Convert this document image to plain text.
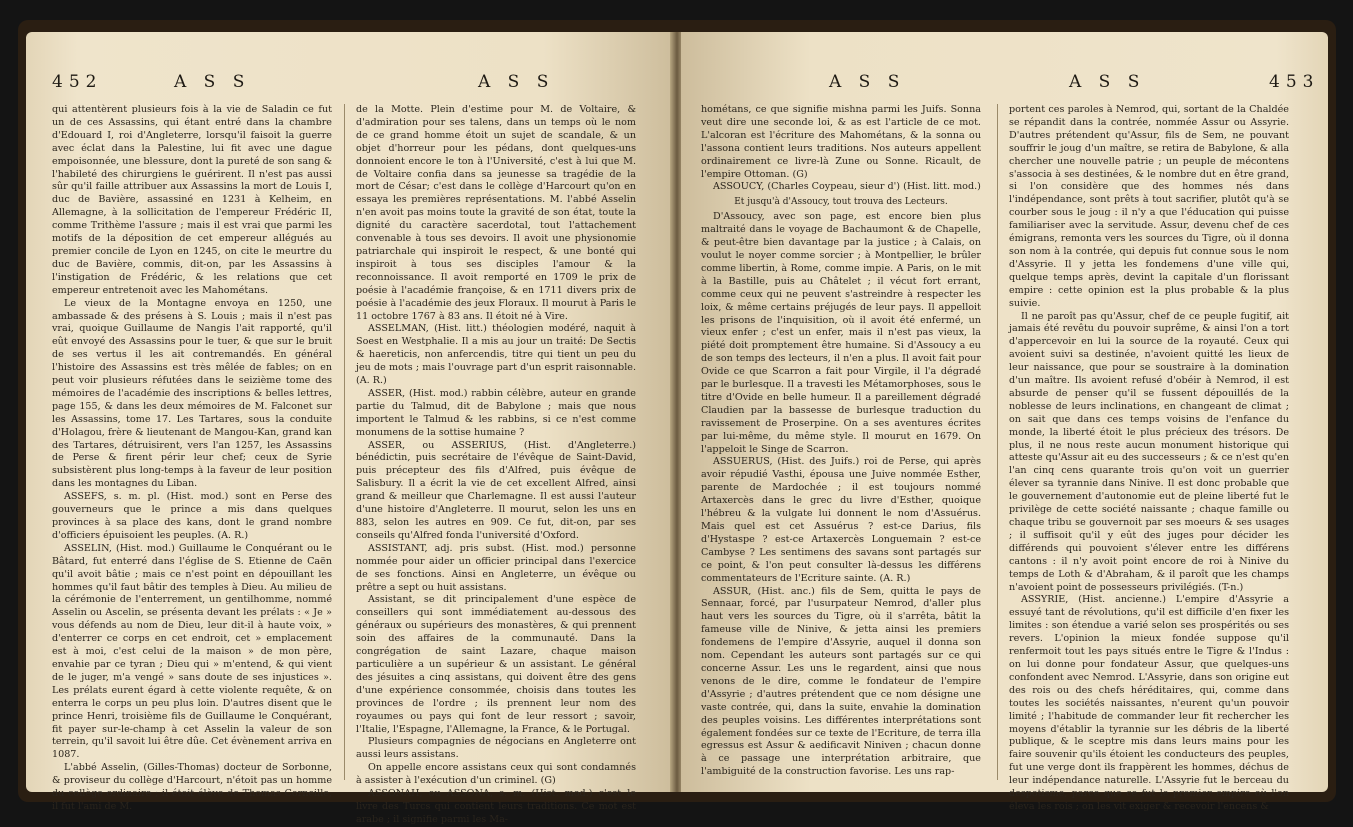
452	A S S	A S S

qui attentèrent plusieurs fois à la vie de Saladin ce fut un de ces Assassins, qui étant entré dans la chambre d'Edouard I, roi d'Angleterre, lorsqu'il faisoit la guerre avec éclat dans la Palestine, lui fit avec une dague empoisonnée, une blessure, dont la pureté de son sang & l'habileté des chirurgiens le guérirent. Il n'est pas aussi sûr qu'il faille attribuer aux Assassins la mort de Louis I, duc de Bavière, assassiné en 1231 à Kelheim, en Allemagne, à la sollicitation de l'empereur Frédéric II, comme Trithème l'assure ; mais il est vrai que parmi les motifs de la déposition de cet empereur allégués au premier concile de Lyon en 1245, on cite le meurtre du duc de Bavière, commis, dit-on, par les Assassins à l'instigation de Frédéric, & les relations que cet empereur entretenoit avec les Mahométans.

Le vieux de la Montagne envoya en 1250, une ambassade & des présens à S. Louis ; mais il n'est pas vrai, quoique Guillaume de Nangis l'ait rapporté, qu'il eût envoyé des Assassins pour le tuer, & que sur le bruit de ses vertus il les ait contremandés. En général l'histoire des Assassins est très mêlée de fables; on en peut voir plusieurs réfutées dans le seizième tome des mémoires de l'académie des inscriptions & belles lettres, page 155, & dans les deux mémoires de M. Falconet sur les Assassins, tome 17. Les Tartares, sous la conduite d'Holagou, frère & lieutenant de Mangou-Kan, grand kan des Tartares, détruisirent, vers l'an 1257, les Assassins de Perse & firent périr leur chef; ceux de Syrie subsistèrent plus long-temps à la faveur de leur position dans les montagnes du Liban.

ASSEFS, s. m. pl. (Hist. mod.) sont en Perse des gouverneurs que le prince a mis dans quelques provinces à sa place des kans, dont le grand nombre d'officiers épuisoient les peuples. (A. R.)

ASSELIN, (Hist. mod.) Guillaume le Conquérant ou le Bâtard, fut enterré dans l'église de S. Etienne de Caën qu'il avoit bâtie ; mais ce n'est point en dépouillant les hommes qu'il faut bâtir des temples à Dieu. Au milieu de la cérémonie de l'enterrement, un gentilhomme, nommé Asselin ou Ascelin, se présenta devant les prélats : « Je » vous défends au nom de Dieu, leur dit-il à haute voix, » d'enterrer ce corps en cet endroit, cet » emplacement est à moi, c'est celui de la maison » de mon père, envahie par ce tyran ; Dieu qui » m'entend, & qui vient de le juger, m'a vengé » sans doute de ses injustices ». Les prélats eurent égard à cette violente requête, & on enterra le corps un peu plus loin. D'autres disent que le prince Henri, troisième fils de Guillaume le Conquérant, fit payer sur-le-champ à cet Asselin la valeur de son terrein, qu'il savoit lui être dûe. Cet évènement arriva en 1087.

L'abbé Asselin, (Gilles-Thomas) docteur de Sorbonne, & proviseur du collège d'Harcourt, n'étoit pas un homme du collège ordinaire ; il étoit élève de Thomas Corneille, il fut l'ami de M.

de la Motte. Plein d'estime pour M. de Voltaire, & d'admiration pour ses talens, dans un temps où le nom de ce grand homme étoit un sujet de scandale, & un objet d'horreur pour les pédans, dont quelques-uns donnoient encore le ton à l'Université, c'est à lui que M. de Voltaire confia dans sa jeunesse sa tragédie de la mort de César; c'est dans le collège d'Harcourt qu'on en essaya les premières représentations. M. l'abbé Asselin n'en avoit pas moins toute la gravité de son état, toute la dignité du caractère sacerdotal, tout l'attachement convenable à tous ses devoirs. Il avoit une physionomie patriarchale qui inspiroit le respect, & une bonté qui inspiroit à tous ses disciples l'amour & la reconnoissance. Il avoit remporté en 1709 le prix de poésie à l'académie françoise, & en 1711 divers prix de poésie à l'académie des jeux Floraux. Il mourut à Paris le 11 octobre 1767 à 83 ans. Il étoit né à Vire.

ASSELMAN, (Hist. litt.) théologien modéré, naquit à Soest en Westphalie. Il a mis au jour un traité: De Sectis & haereticis, non anfercendis, titre qui tient un peu du jeu de mots ; mais l'ouvrage part d'un esprit raisonnable. (A. R.)

ASSER, (Hist. mod.) rabbin célèbre, auteur en grande partie du Talmud, dit de Babylone ; mais que nous importent le Talmud & les rabbins, si ce n'est comme monumens de la sottise humaine ?

ASSER, ou ASSERIUS, (Hist. d'Angleterre.) bénédictin, puis secrétaire de l'évêque de Saint-David, puis précepteur des fils d'Alfred, puis évêque de Salisbury. Il a écrit la vie de cet excellent Alfred, ainsi grand & meilleur que Charlemagne. Il est aussi l'auteur d'une histoire d'Angleterre. Il mourut, selon les uns en 883, selon les autres en 909. Ce fut, dit-on, par ses conseils qu'Alfred fonda l'université d'Oxford.

ASSISTANT, adj. pris subst. (Hist. mod.) personne nommée pour aider un officier principal dans l'exercice de ses fonctions. Ainsi en Angleterre, un évêque ou prêtre a sept ou huit assistans.

Assistant, se dit principalement d'une espèce de conseillers qui sont immédiatement au-dessous des généraux ou supérieurs des monastères, & qui prennent soin des affaires de la communauté. Dans la congrégation de saint Lazare, chaque maison particulière a un supérieur & un assistant. Le général des jésuites a cinq assistans, qui doivent être des gens d'une expérience consommée, choisis dans toutes les provinces de l'ordre ; ils prennent leur nom des royaumes ou pays qui font de leur ressort ; savoir, l'Italie, l'Espagne, l'Allemagne, la France, & le Portugal.

Plusieurs compagnies de négocians en Angleterre ont aussi leurs assistans.

On appelle encore assistans ceux qui sont condamnés à assister à l'exécution d'un criminel. (G)

ASSONAH, ou ASSONA, s. m. (Hist. mod.) c'est le livre des Turcs qui contient leurs traditions. Ce mot est arabe ; il signifie parmi les Ma-

A S S	A S S	453

hométans, ce que signifie mishna parmi les Juifs. Sonna veut dire une seconde loi, & as est l'article de ce mot. L'alcoran est l'écriture des Mahométans, & la sonna ou l'assona contient leurs traditions. Nos auteurs appellent ordinairement ce livre-là Zune ou Sonne. Ricault, de l'empire Ottoman. (G)

ASSOUCY, (Charles Coypeau, sieur d') (Hist. litt. mod.)

Et jusqu'à d'Assoucy, tout trouva des Lecteurs.

D'Assoucy, avec son page, est encore bien plus maltraité dans le voyage de Bachaumont & de Chapelle, & peut-être bien davantage par la justice ; à Calais, on voulut le noyer comme sorcier ; à Montpellier, le brûler comme libertin, à Rome, comme impie. A Paris, on le mit à la Bastille, puis au Châtelet ; il vécut fort errant, comme ceux qui ne peuvent s'astreindre à respecter les loix, & même certains préjugés de leur pays. Il appelloit les prisons de l'inquisition, où il avoit été enfermé, un vieux enfer ; c'est un enfer, mais il n'est pas vieux, la piété doit promptement être humaine. Si d'Assoucy a eu de son temps des lecteurs, il n'en a plus. Il avoit fait pour Ovide ce que Scarron a fait pour Virgile, il l'a dégradé par le burlesque. Il a travesti les Métamorphoses, sous le titre d'Ovide en belle humeur. Il a pareillement dégradé Claudien par la bassesse de burlesque traduction du ravissement de Proserpine. On a ses aventures écrites par lui-même, du même style. Il mourut en 1679. On l'appeloit le Singe de Scarron.

ASSUERUS, (Hist. des Juifs.) roi de Perse, qui après avoir répudié Vasthi, épousa une Juive nommée Esther, parente de Mardochée ; il est toujours nommé Artaxercès dans le grec du livre d'Esther, quoique l'hébreu & la vulgate lui donnent le nom d'Assuérus. Mais quel est cet Assuérus ? est-ce Darius, fils d'Hystaspe ? est-ce Artaxercès Longuemain ? est-ce Cambyse ? Les sentimens des savans sont partagés sur ce point, & l'on peut consulter là-dessus les différens commentateurs de l'Ecriture sainte. (A. R.)

ASSUR, (Hist. anc.) fils de Sem, quitta le pays de Sennaar, forcé, par l'usurpateur Nemrod, d'aller plus haut vers les sources du Tigre, où il s'arrêta, bâtit la fameuse ville de Ninive, & jetta ainsi les premiers fondemens de l'empire d'Assyrie, auquel il donna son nom. Cependant les auteurs sont partagés sur ce qui concerne Assur. Les uns le regardent, ainsi que nous venons de le dire, comme le fondateur de l'empire d'Assyrie ; d'autres prétendent que ce nom désigne une vaste contrée, qui, dans la suite, envahie la domination des peuples voisins. Les différentes interprétations sont également fondées sur ce texte de l'Ecriture, de terra illa egressus est Assur & aedificavit Niniven ; chacun donne à ce passage une interprétation arbitraire, que l'ambiguité de la construction favorise. Les uns rap-

portent ces paroles à Nemrod, qui, sortant de la Chaldée se répandit dans la contrée, nommée Assur ou Assyrie. D'autres prétendent qu'Assur, fils de Sem, ne pouvant souffrir le joug d'un maître, se retira de Babylone, & alla chercher une nouvelle patrie ; un peuple de mécontens s'associa à ses destinées, & le nombre dut en être grand, si l'on considère que des hommes nés dans l'indépendance, sont prêts à tout sacrifier, plutôt qu'à se courber sous le joug : il n'y a que l'éducation qui puisse familiariser avec la servitude. Assur, devenu chef de ces émigrans, remonta vers les sources du Tigre, où il donna son nom à la contrée, qui depuis fut connue sous le nom d'Assyrie. Il y jetta les fondemens d'une ville qui, quelque temps après, devint la capitale d'un florissant empire : cette opinion est la plus probable & la plus suivie.

Il ne paroît pas qu'Assur, chef de ce peuple fugitif, ait jamais été revêtu du pouvoir suprême, & ainsi l'on a tort d'appercevoir en lui la source de la royauté. Ceux qui avoient suivi sa destinée, n'avoient quitté les lieux de leur naissance, que pour se soustraire à la domination d'un maître. Ils avoient refusé d'obéir à Nemrod, il est absurde de penser qu'il se fussent dépouillés de la noblesse de leurs inclinations, en changeant de climat ; on sait que dans ces temps voisins de l'enfance du monde, la liberté étoit le plus précieux des trésors. De plus, il ne nous reste aucun monument historique qui atteste qu'Assur ait eu des successeurs ; & ce n'est qu'en l'an cinq cens quarante trois qu'on voit un guerrier élever sa tyrannie dans Ninive. Il est donc probable que le gouvernement d'autonomie eut de pleine liberté fut le privilège de cette société naissante ; chaque famille ou chaque tribu se gouvernoit par ses moeurs & ses usages ; il suffisoit qu'il y eût des juges pour décider les différends qui pouvoient s'élever entre les différens cantons : il n'y avoit point encore de roi à Ninive du temps de Loth & d'Abraham, & il paroît que les champs n'avoient point de possesseurs privilégiés. (T-n.)

ASSYRIE, (Hist. ancienne.) L'empire d'Assyrie a essuyé tant de révolutions, qu'il est difficile d'en fixer les limites : son étendue a varié selon ses prospérités ou ses revers. L'opinion la mieux fondée suppose qu'il renfermoit tout les pays situés entre le Tigre & l'Indus : on lui donne pour fondateur Assur, que quelques-uns confondent avec Nemrod. L'Assyrie, dans son origine eut des rois ou des chefs héréditaires, qui, comme dans toutes les sociétés naissantes, n'eurent qu'un pouvoir limité ; l'habitude de commander leur fit rechercher les moyens d'établir la tyrannie sur les débris de la liberté publique, & le sceptre mis dans leurs mains pour les faire souvenir qu'ils étoient les conducteurs des peuples, fut une verge dont ils frappèrent les hommes, déchus de leur indépendance naturelle. L'Assyrie fut le berceau du despotisme, parce que ce fut le premier empire où l'on éleva les rois ; on les vit exiger & recevoir l'encens &
